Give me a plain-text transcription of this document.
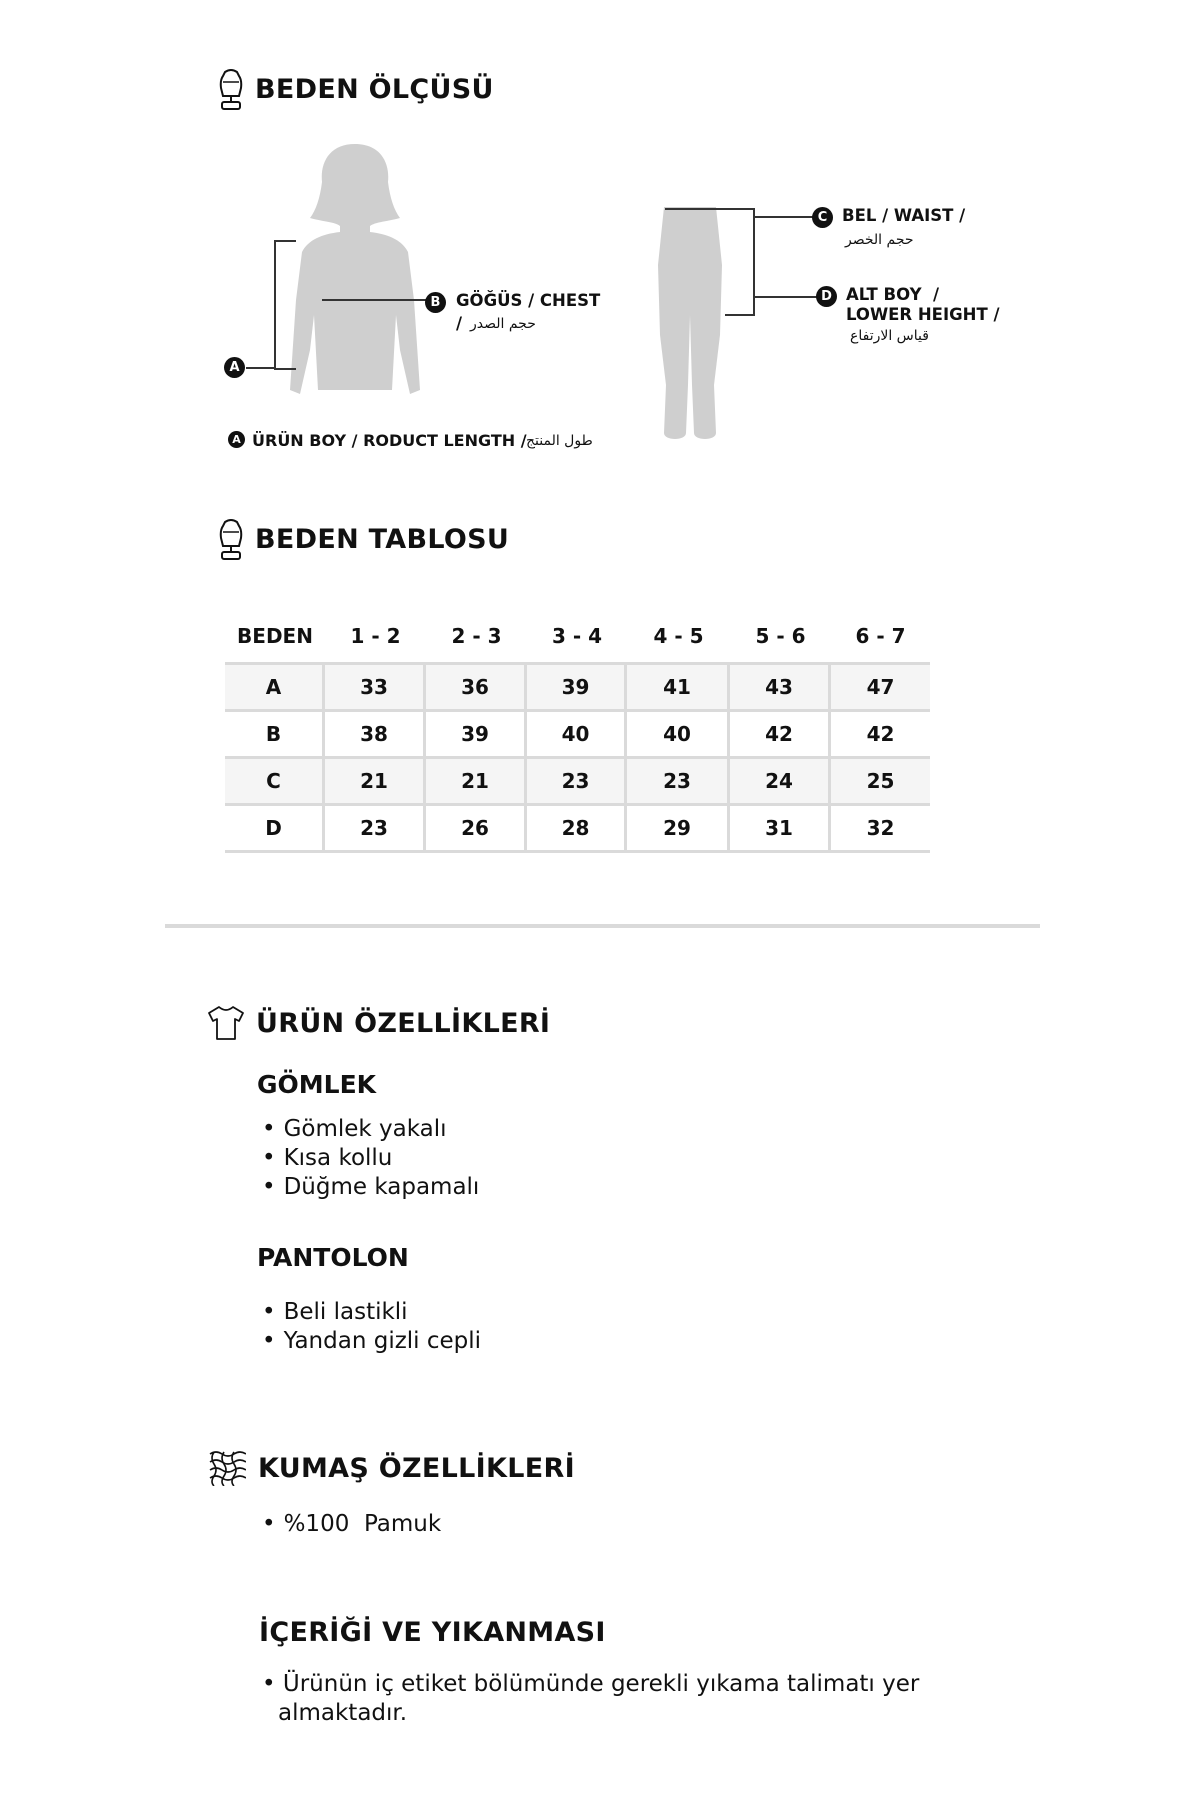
BEDEN ÖLÇÜSÜ
A
B GÖĞÜS / CHEST
/ حجم الصدر
A ÜRÜN BOY / RODUCT LENGTH / طول المنتج
C BEL / WAIST /
حجم الخصر
D ALT BOY  /
LOWER HEIGHT /
قياس الارتفاع
BEDEN TABLOSU
BEDEN	1 - 2	2 - 3	3 - 4	4 - 5	5 - 6	6 - 7
A	33	36	39	41	43	47
B	38	39	40	40	42	42
C	21	21	23	23	24	25
D	23	26	28	29	31	32
ÜRÜN ÖZELLİKLERİ
GÖMLEK
• Gömlek yakalı
• Kısa kollu
• Düğme kapamalı
PANTOLON
• Beli lastikli
• Yandan gizli cepli
KUMAŞ ÖZELLİKLERİ
• %100  Pamuk
İÇERİĞİ VE YIKANMASI
• Ürünün iç etiket bölümünde gerekli yıkama talimatı yer
almaktadır.
